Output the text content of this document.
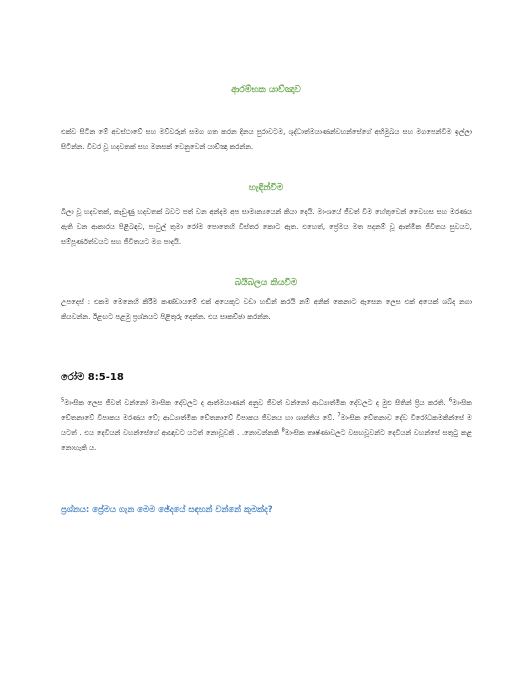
ආරම්භක යාච්ඤාව

එක්ව සිටින මේ අවස්ථාවේ සහ මව්වරුන් සමග ගත කරන දිනය පුරාවටම, ශුද්ධාත්මයාණන්වහන්සේගේ අභිමුඛය සහ මගපෙන්වීම ඉල්ලා සිටින්න. විවර වූ හදවතක් සහ මනසක් වෙනුවෙන් යාච්ඤා කරන්න.

හැඳින්වීම

බිලා වූ හදවතක්, කැඩුණු හදවතක් බවට පත් වන අන්දම අප සාමාන්‍යයෙන් කියා දෙයි. මාංශයේ ජීවත් වීම හේතුවෙන් වෛහස සහ මරණය ඇති වන ආකාරය පිළිබඳව, පාවුල් තුමා රෝම පොතෙහි විස්තර කොට ඇත. එහෙත්, ප්‍රේමය මත පදනම් වූ ආත්මික ජීවිතය සුවයට, සම්පූර්ණත්වයට සහ ජීවිතයට මග පාදයි.

බයිබලය කියවීම

උපදෙස් : එකම මෙනෙහි කිරීම කණ්ඩායමේ එක් අයෙකුට වඩා හඬින් කරයි නම් අනික් කෙනාට ඇසෙන ලෙස එක් අයෙක් ශබ්ද නගා කියවන්න. ඊළඟට පළමු ප්‍රශ්නයට පිළිතුරු දෙන්න. එය සාකච්ඡා කරන්න.

රෝම 8:5-18

$^5$මාංසික ලෙස ජීවත් වන්නෝ මාංසික දේවලට ද ආත්මයාණන් අනුව ජීවත් වන්නෝ ආධ්‍යාත්මික දේවලට ද මුළු සිතින් ප්‍රිය කරති. $^6$මාංසික චේතනාවේ විපාකය මරණය වේ; ආධ්‍යාත්මික චේතනාවේ විපාකය ජීවනය හා ශාන්තිය වේ. $^7$මාංසික චේතනාව දේව විරෝධකමකින්සේ ම යටත් . එය දෙවියන් වහන්සේගේ ආඥාවට යටත් නොවූවකි . .නොවන්නකි $^8$මාංසික තෘෂ්ණාවලට වසඟවූවන්ට දෙවියන් වහන්සේ සතුටු කළ නොහැකි ය.

ප්‍රශ්නය: ප්‍රේමය ගැන මෙම ඡේදයේ සඳහන් වන්නේ කුමක්ද?
